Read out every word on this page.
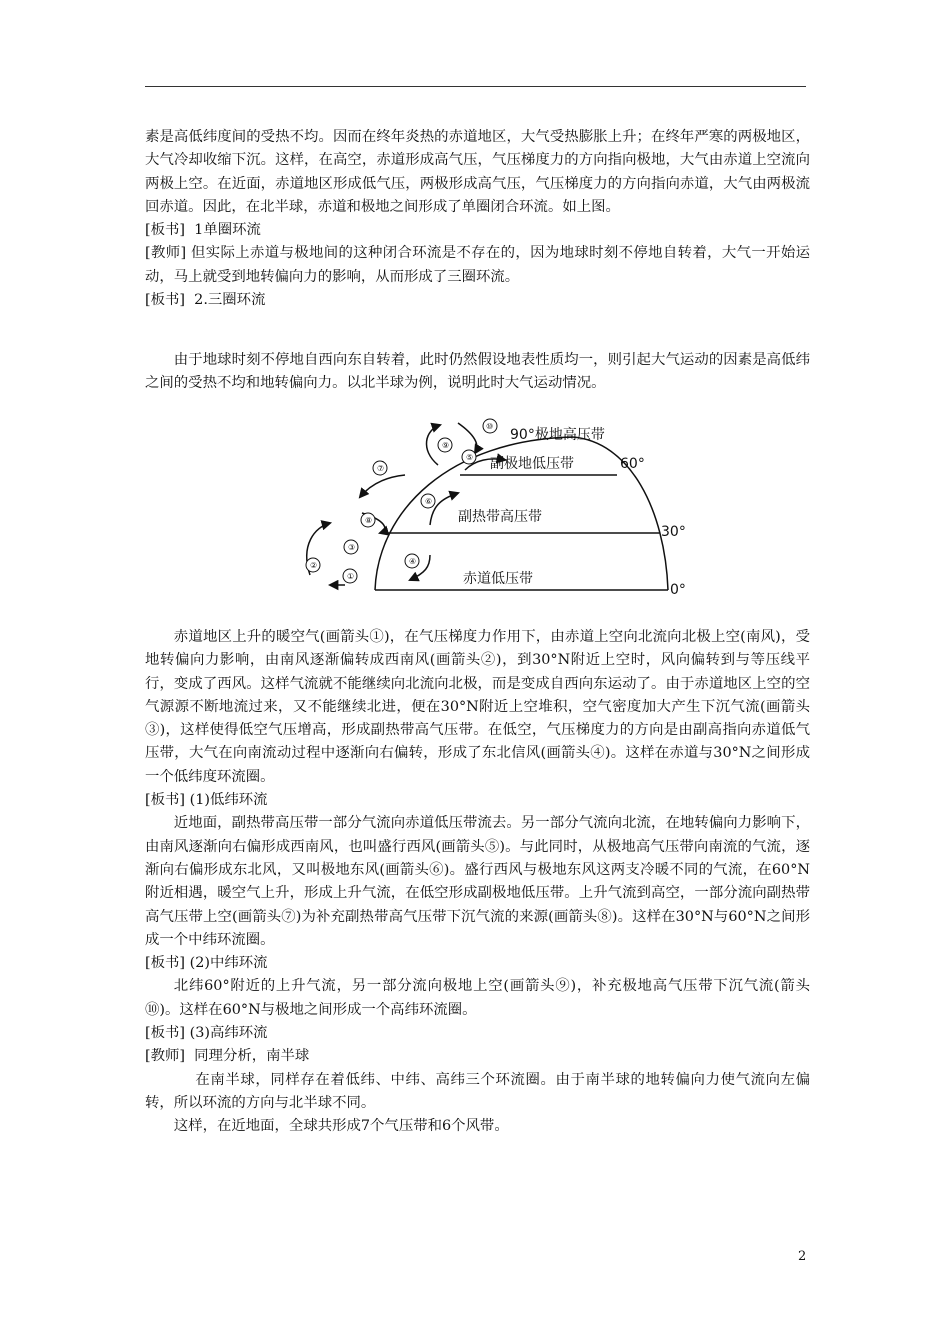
素是高低纬度间的受热不均。因而在终年炎热的赤道地区，大气受热膨胀上升；在终年严寒的两极地区，大气冷却收缩下沉。这样，在高空，赤道形成高气压，气压梯度力的方向指向极地，大气由赤道上空流向两极上空。在近面，赤道地区形成低气压，两极形成高气压，气压梯度力的方向指向赤道，大气由两极流回赤道。因此，在北半球，赤道和极地之间形成了单圈闭合环流。如上图。

[板书]  1单圈环流

[教师] 但实际上赤道与极地间的这种闭合环流是不存在的，因为地球时刻不停地自转着，大气一开始运动，马上就受到地转偏向力的影响，从而形成了三圈环流。

[板书]  2.三圈环流

由于地球时刻不停地自西向东自转着，此时仍然假设地表性质均一，则引起大气运动的因素是高低纬之间的受热不均和地转偏向力。以北半球为例，说明此时大气运动情况。

90°极地高压带
副极地低压带
副热带高压带
赤道低压带
60°
30°
0°
①
②
③
④
⑤
⑥
⑦
⑧
⑨
⑩

赤道地区上升的暖空气(画箭头①)，在气压梯度力作用下，由赤道上空向北流向北极上空(南风)，受地转偏向力影响，由南风逐渐偏转成西南风(画箭头②)，到30°N附近上空时，风向偏转到与等压线平行，变成了西风。这样气流就不能继续向北流向北极，而是变成自西向东运动了。由于赤道地区上空的空气源源不断地流过来，又不能继续北进，便在30°N附近上空堆积，空气密度加大产生下沉气流(画箭头③)，这样使得低空气压增高，形成副热带高气压带。在低空，气压梯度力的方向是由副高指向赤道低气压带，大气在向南流动过程中逐渐向右偏转，形成了东北信风(画箭头④)。这样在赤道与30°N之间形成一个低纬度环流圈。

[板书] (1)低纬环流

近地面，副热带高压带一部分气流向赤道低压带流去。另一部分气流向北流，在地转偏向力影响下，由南风逐渐向右偏形成西南风，也叫盛行西风(画箭头⑤)。与此同时，从极地高气压带向南流的气流，逐渐向右偏形成东北风，又叫极地东风(画箭头⑥)。盛行西风与极地东风这两支冷暖不同的气流，在60°N附近相遇，暖空气上升，形成上升气流，在低空形成副极地低压带。上升气流到高空，一部分流向副热带高气压带上空(画箭头⑦)为补充副热带高气压带下沉气流的来源(画箭头⑧)。这样在30°N与60°N之间形成一个中纬环流圈。

[板书] (2)中纬环流

北纬60°附近的上升气流，另一部分流向极地上空(画箭头⑨)，补充极地高气压带下沉气流(箭头⑩)。这样在60°N与极地之间形成一个高纬环流圈。

[板书] (3)高纬环流

[教师]  同理分析，南半球

在南半球，同样存在着低纬、中纬、高纬三个环流圈。由于南半球的地转偏向力使气流向左偏转，所以环流的方向与北半球不同。

这样，在近地面，全球共形成7个气压带和6个风带。

2
